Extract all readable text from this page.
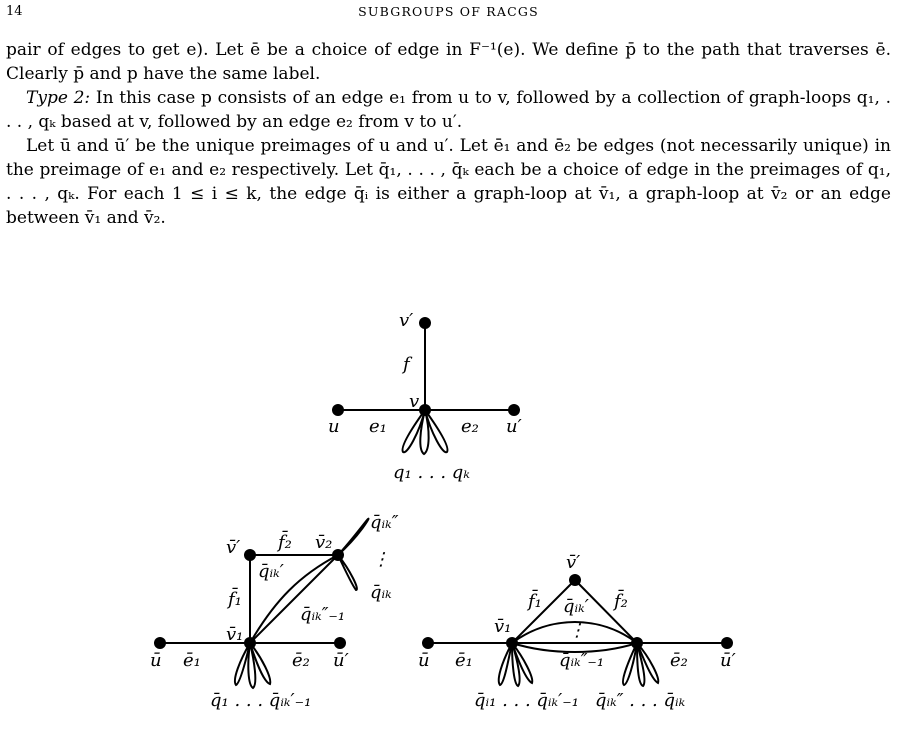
14	SUBGROUPS OF RACGS

pair of edges to get e). Let ē be a choice of edge in F⁻¹(e). We define p̄ to the path that traverses ē. Clearly p̄ and p have the same label.

Type 2: In this case p consists of an edge e₁ from u to v, followed by a collection of graph-loops q₁, . . . , qₖ based at v, followed by an edge e₂ from v to u′.

Let ū and ū′ be the unique preimages of u and u′. Let ē₁ and ē₂ be edges (not necessarily unique) in the preimage of e₁ and e₂ respectively. Let q̄₁, . . . , q̄ₖ each be a choice of edge in the preimages of q₁, . . . , qₖ. For each 1 ≤ i ≤ k, the edge q̄ᵢ is either a graph-loop at v̄₁, a graph-loop at v̄₂ or an edge between v̄₁ and v̄₂.

v′
f
v
u e₁	e₂ u′
q₁ . . . qₖ
v̄′ f̄₂ v̄₂
q̄ᵢₖ″
⋮
q̄ᵢₖ
q̄ᵢₖ′
f̄₁
q̄ᵢₖ″₋₁
v̄₁
ū ē₁	ē₂ ū′
q̄₁ . . . q̄ᵢₖ′₋₁
v̄′
f̄₁	f̄₂
q̄ᵢₖ′
⋮
q̄ᵢₖ″₋₁
v̄₁
ū ē₁	ē₂ ū′
q̄ᵢ₁ . . . q̄ᵢₖ′₋₁ q̄ᵢₖ″ . . . q̄ᵢₖ
